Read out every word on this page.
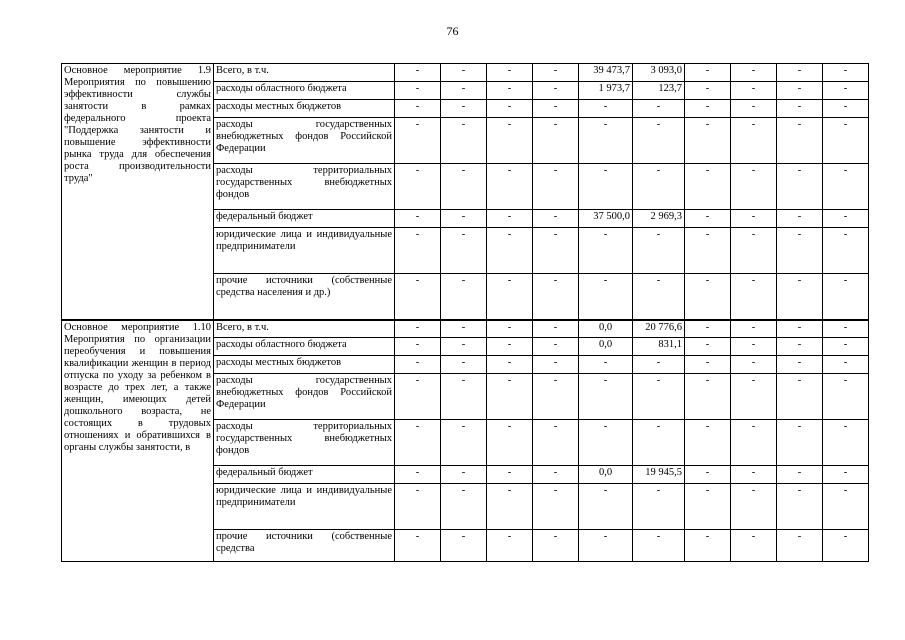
76
Основное мероприятие 1.9 Мероприятия по повышению эффективности службы занятости в рамках федерального проекта "Поддержка занятости и повышение эффективности рынка труда для обеспечения роста производительности труда"	Всего, в т.ч.	-	-	-	-	39 473,7	3 093,0	-	-	-	-
	расходы областного бюджета	-	-	-	-	1 973,7	123,7	-	-	-	-
	расходы местных бюджетов	-	-	-	-	-	-	-	-	-	-
	расходы государственных внебюджетных фондов Российской Федерации	-	-	-	-	-	-	-	-	-	-
	расходы территориальных государственных внебюджетных фондов	-	-	-	-	-	-	-	-	-	-
	федеральный бюджет	-	-	-	-	37 500,0	2 969,3	-	-	-	-
	юридические лица и индивидуальные предприниматели	-	-	-	-	-	-	-	-	-	-
	прочие источники (собственные средства населения и др.)	-	-	-	-	-	-	-	-	-	-
Основное мероприятие 1.10 Мероприятия по организации переобучения и повышения квалификации женщин в период отпуска по уходу за ребенком в возрасте до трех лет, а также женщин, имеющих детей дошкольного возраста, не состоящих в трудовых отношениях и обратившихся в органы службы занятости, в	Всего, в т.ч.	-	-	-	-	0,0	20 776,6	-	-	-	-
	расходы областного бюджета	-	-	-	-	0,0	831,1	-	-	-	-
	расходы местных бюджетов	-	-	-	-	-	-	-	-	-	-
	расходы государственных внебюджетных фондов Российской Федерации	-	-	-	-	-	-	-	-	-	-
	расходы территориальных государственных внебюджетных фондов	-	-	-	-	-	-	-	-	-	-
	федеральный бюджет	-	-	-	-	0,0	19 945,5	-	-	-	-
	юридические лица и индивидуальные предприниматели	-	-	-	-	-	-	-	-	-	-
	прочие источники (собственные средства	-	-	-	-	-	-	-	-	-	-
